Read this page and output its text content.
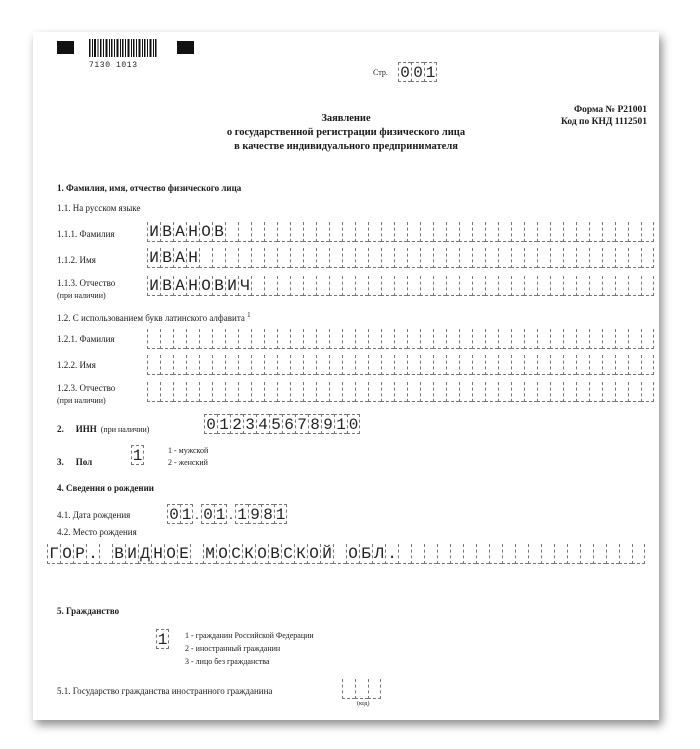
7130 1013
Стр. 0 0 1
Форма № Р21001
Код по КНД 1112501
Заявление
о государственной регистрации физического лица
в качестве индивидуального предпринимателя
1. Фамилия, имя, отчество физического лица
1.1. На русском языке
1.1.1. Фамилия И В А Н О В
1.1.2. Имя	И В А Н
1.1.3. Отчество
(при наличии)
И В А Н О В И Ч
1.2. С использованием букв латинского алфавита $^1$
1.2.1. Фамилия
1.2.2. Имя
1.2.3. Отчество
(при наличии)
2. ИНН (при наличии)	0 1 2 3 4 5 6 7 8 9 1 0
3. Пол	1	1 - мужской
2 - женский
4. Сведения о рождении
4.1. Дата рождения 0 1 . 0 1 . 1 9 8 1
4.2. Место рождения
Г О Р . В И Д Н О Е М О С К О В С К О Й О Б Л .
5. Гражданство
1 1 - гражданин Российской Федерации
2 - иностранный гражданин
3 - лицо без гражданства
5.1. Государство гражданства иностранного гражданина
(код)
